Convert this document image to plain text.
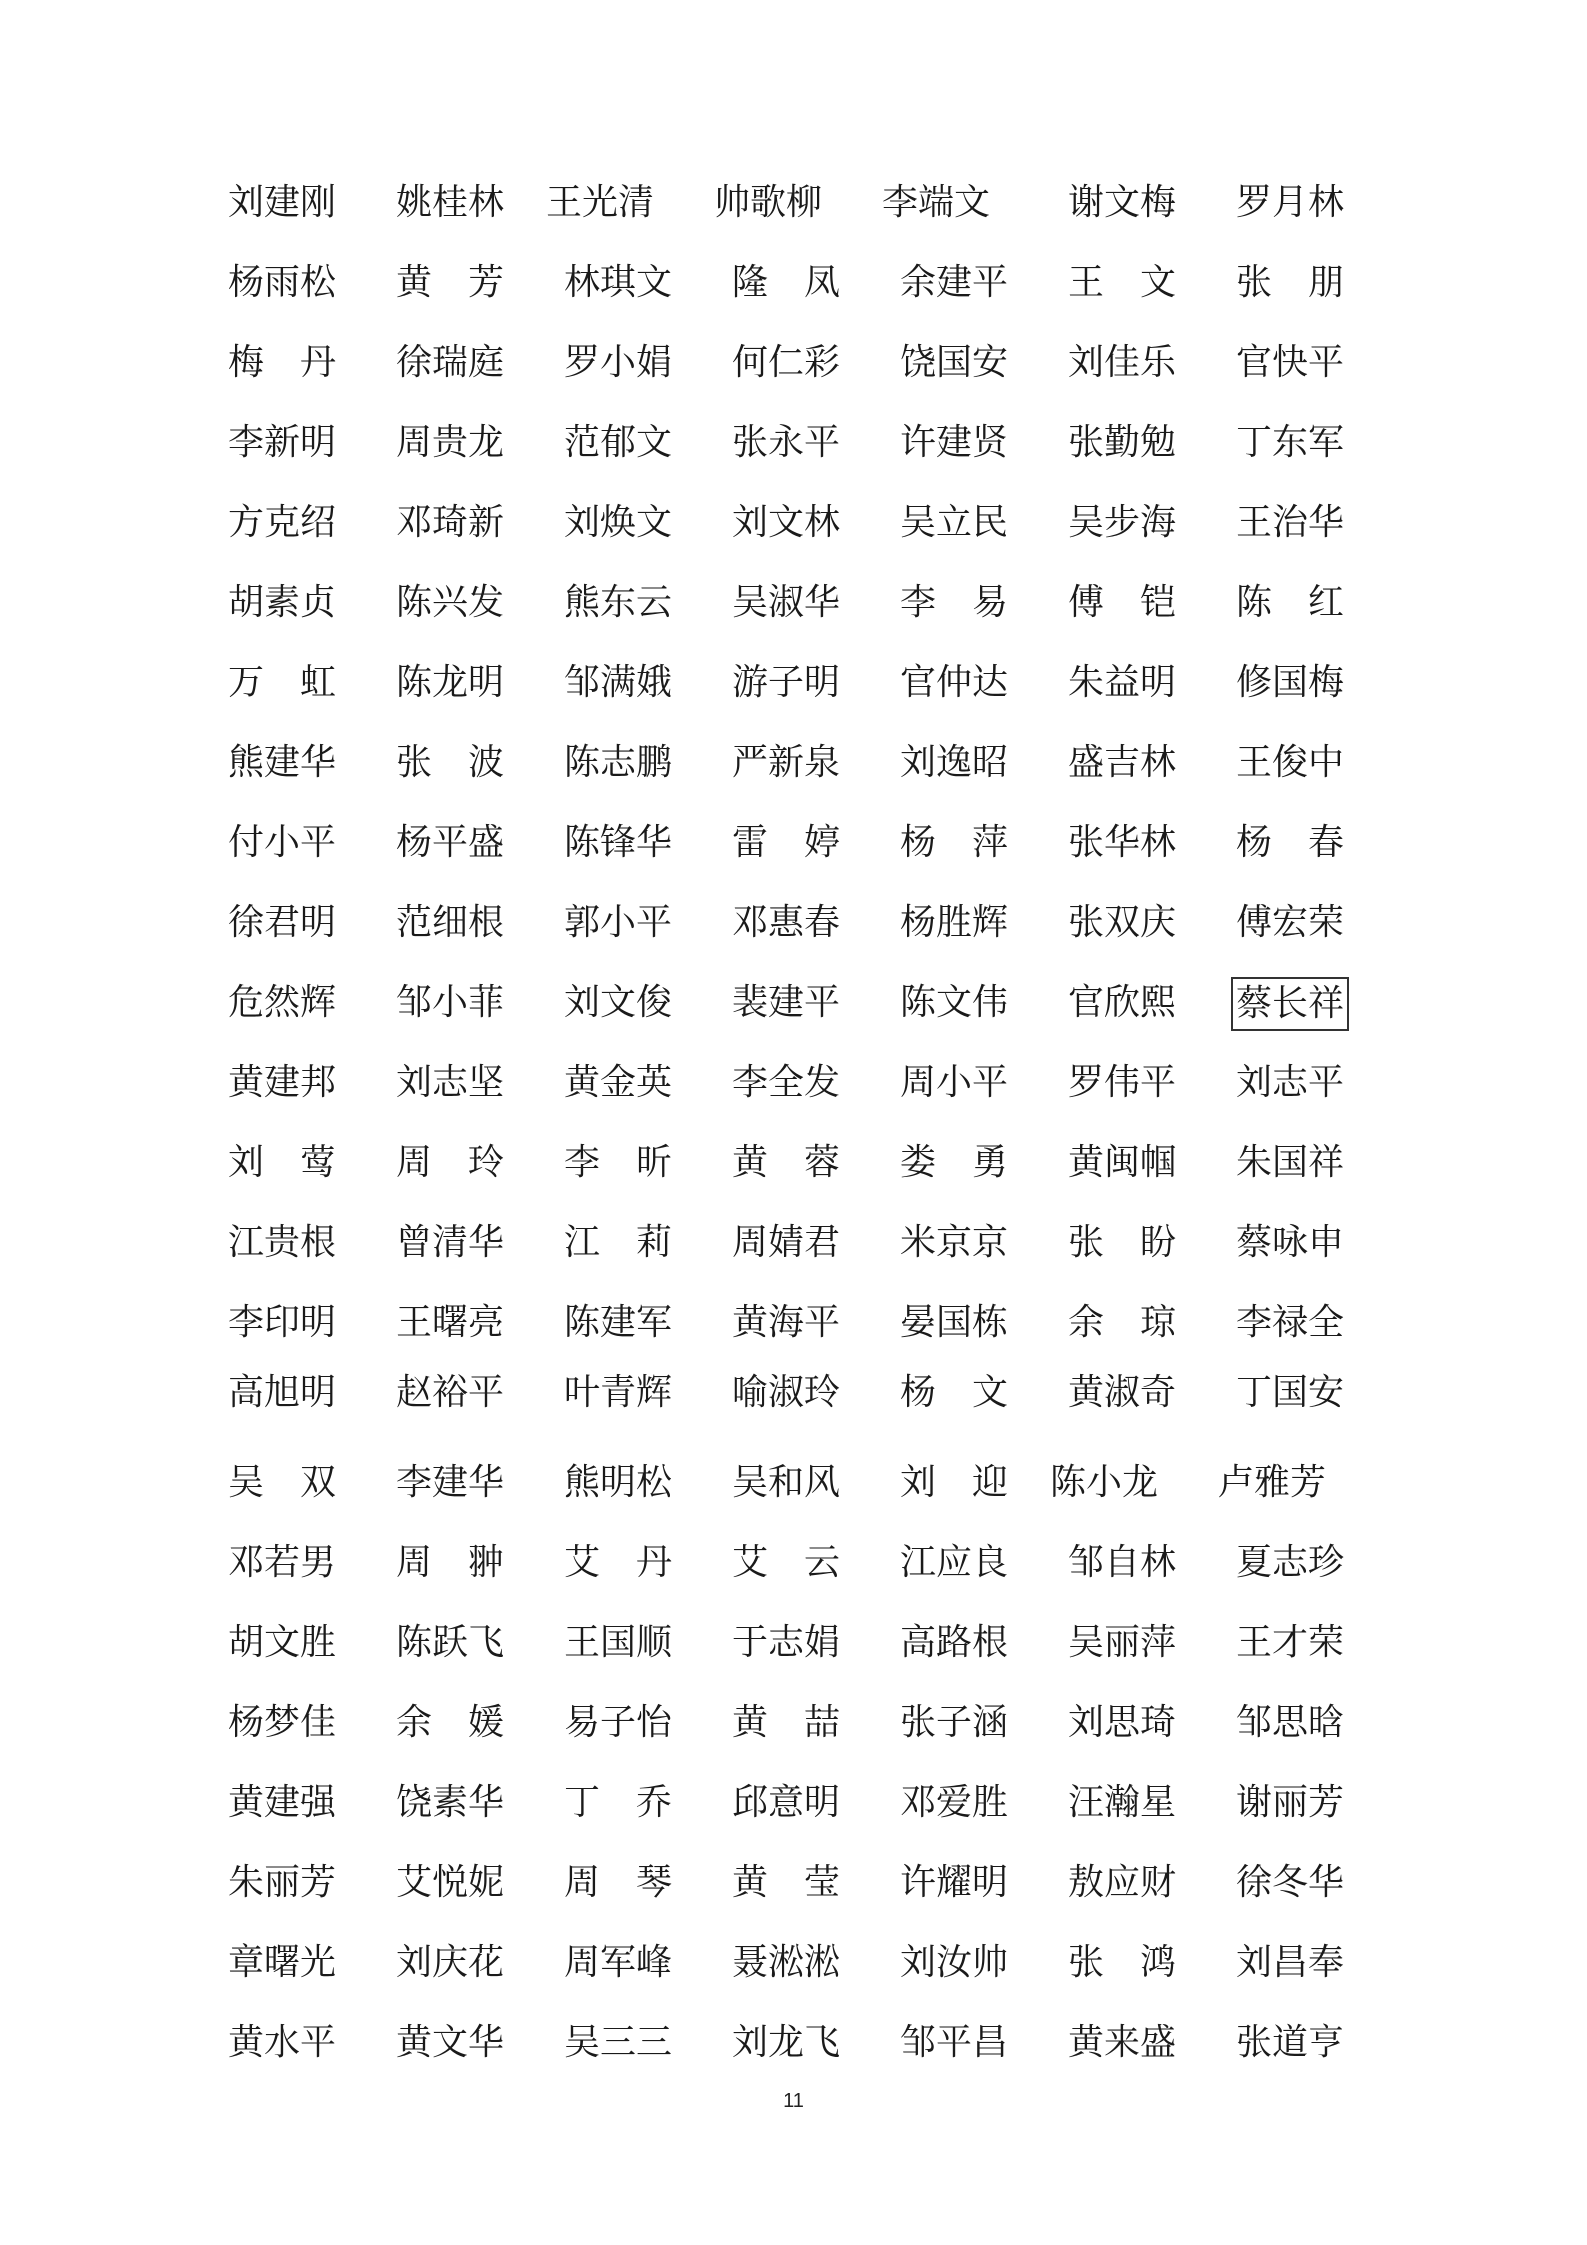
刘建刚 姚桂林 王光清 帅歌柳 李端文 谢文梅 罗月林
杨雨松 黄　芳 林琪文 隆　凤 余建平 王　文 张　朋
梅　丹 徐瑞庭 罗小娟 何仁彩 饶国安 刘佳乐 官快平
李新明 周贵龙 范郁文 张永平 许建贤 张勤勉 丁东军
方克绍 邓琦新 刘焕文 刘文林 吴立民 吴步海 王治华
胡素贞 陈兴发 熊东云 吴淑华 李　易 傅　铠 陈　红
万　虹 陈龙明 邹满娥 游子明 官仲达 朱益明 修国梅
熊建华 张　波 陈志鹏 严新泉 刘逸昭 盛吉林 王俊中
付小平 杨平盛 陈锋华 雷　婷 杨　萍 张华林 杨　春
徐君明 范细根 郭小平 邓惠春 杨胜辉 张双庆 傅宏荣
危然辉 邹小菲 刘文俊 裴建平 陈文伟 官欣熙 蔡长祥
黄建邦 刘志坚 黄金英 李全发 周小平 罗伟平 刘志平
刘　莺 周　玲 李　昕 黄　蓉 娄　勇 黄闽帼 朱国祥
江贵根 曾清华 江　莉 周婧君 米京京 张　盼 蔡咏申
李印明 王曙亮 陈建军 黄海平 晏国栋 余　琼 李禄全
高旭明 赵裕平 叶青辉 喻淑玲 杨　文 黄淑奇 丁国安
吴　双 李建华 熊明松 吴和风 刘　迎 陈小龙 卢雅芳
邓若男 周　翀 艾　丹 艾　云 江应良 邹自林 夏志珍
胡文胜 陈跃飞 王国顺 于志娟 高路根 吴丽萍 王才荣
杨梦佳 余　媛 易子怡 黄　喆 张子涵 刘思琦 邹思晗
黄建强 饶素华 丁　乔 邱意明 邓爱胜 汪瀚星 谢丽芳
朱丽芳 艾悦妮 周　琴 黄　莹 许耀明 敖应财 徐冬华
章曙光 刘庆花 周军峰 聂淞淞 刘汝帅 张　鸿 刘昌奉
黄水平 黄文华 吴三三 刘龙飞 邹平昌 黄来盛 张道亨
11
